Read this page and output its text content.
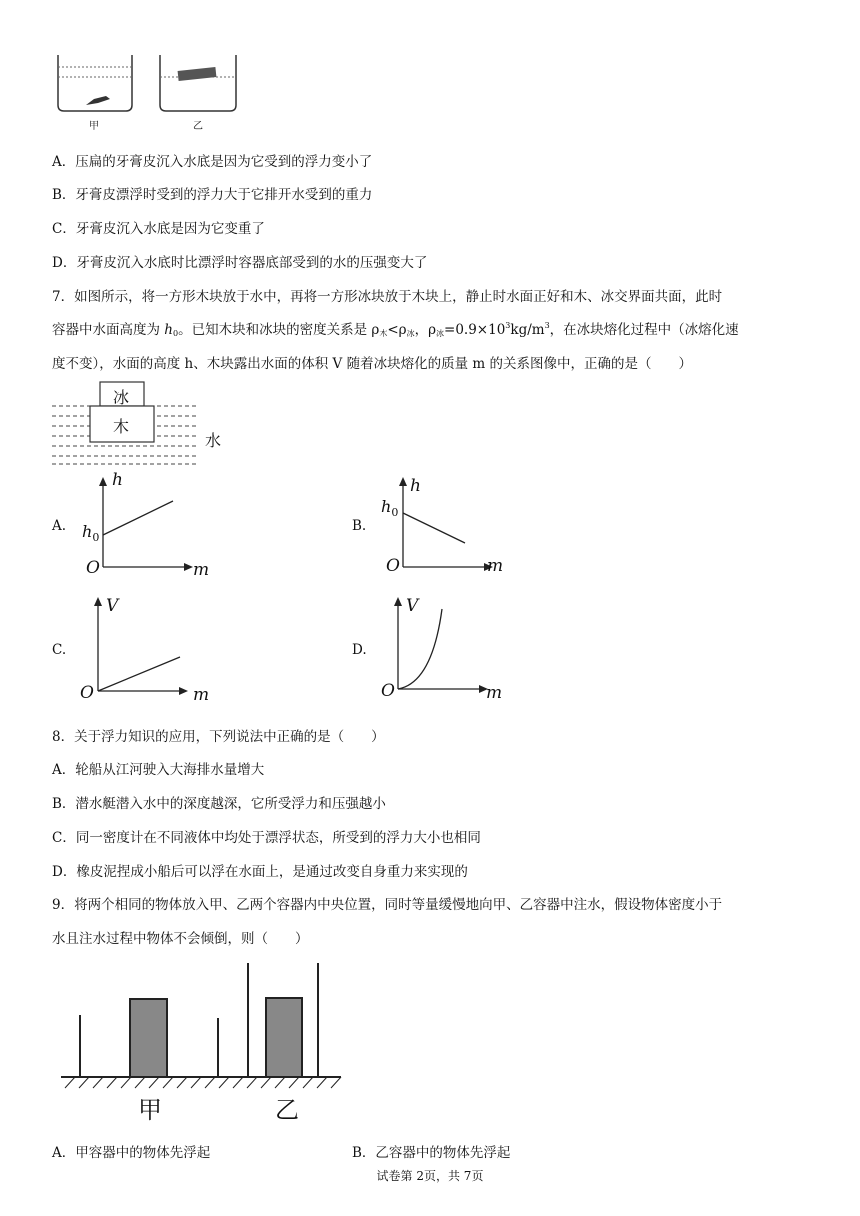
甲	乙
A．压扁的牙膏皮沉入水底是因为它受到的浮力变小了
B．牙膏皮漂浮时受到的浮力大于它排开水受到的重力
C．牙膏皮沉入水底是因为它变重了
D．牙膏皮沉入水底时比漂浮时容器底部受到的水的压强变大了
7．如图所示，将一方形木块放于水中，再将一方形冰块放于木块上，静止时水面正好和木、冰交界面共面，此时
容器中水面高度为 $h_0$。已知木块和冰块的密度关系是 $\rho_木<\rho_冰$，$\rho_冰=0.9\times 10^3kg/m^3$，在冰块熔化过程中（冰熔化速
度不变），水面的高度 h、木块露出水面的体积 V 随着冰块熔化的质量 m 的关系图像中，正确的是（　　）
冰
木
水
A.
h
$h_0$
O	m
B.
h
$h_0$
O	m
C.
V
O	m
D.
V
O	m
8．关于浮力知识的应用，下列说法中正确的是（　　）
A．轮船从江河驶入大海排水量增大
B．潜水艇潜入水中的深度越深，它所受浮力和压强越小
C．同一密度计在不同液体中均处于漂浮状态，所受到的浮力大小也相同
D．橡皮泥捏成小船后可以浮在水面上，是通过改变自身重力来实现的
9．将两个相同的物体放入甲、乙两个容器内中央位置，同时等量缓慢地向甲、乙容器中注水，假设物体密度小于
水且注水过程中物体不会倾倒，则（　　）
甲	乙
A．甲容器中的物体先浮起	B．乙容器中的物体先浮起
试卷第 2页，共 7页
